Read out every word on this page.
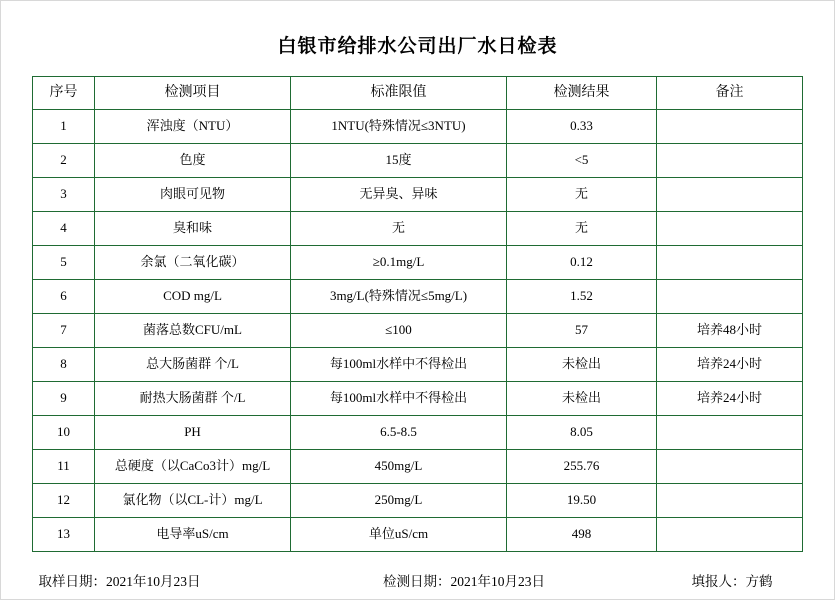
白银市给排水公司出厂水日检表
序号	检测项目	标准限值	检测结果	备注
1	浑浊度（NTU）	1NTU(特殊情况≤3NTU)	0.33	
2	色度	15度	<5	
3	肉眼可见物	无异臭、异味	无	
4	臭和味	无	无	
5	余氯（二氧化碳）	≥0.1mg/L	0.12	
6	COD mg/L	3mg/L(特殊情况≤5mg/L)	1.52	
7	菌落总数CFU/mL	≤100	57	培养48小时
8	总大肠菌群 个/L	每100ml水样中不得检出	未检出	培养24小时
9	耐热大肠菌群 个/L	每100ml水样中不得检出	未检出	培养24小时
10	PH	6.5-8.5	8.05	
11	总硬度（以CaCo3计）mg/L	450mg/L	255.76	
12	氯化物（以CL-计）mg/L	250mg/L	19.50	
13	电导率uS/cm	单位uS/cm	498	
取样日期：2021年10月23日	检测日期：2021年10月23日	填报人：方鹤
